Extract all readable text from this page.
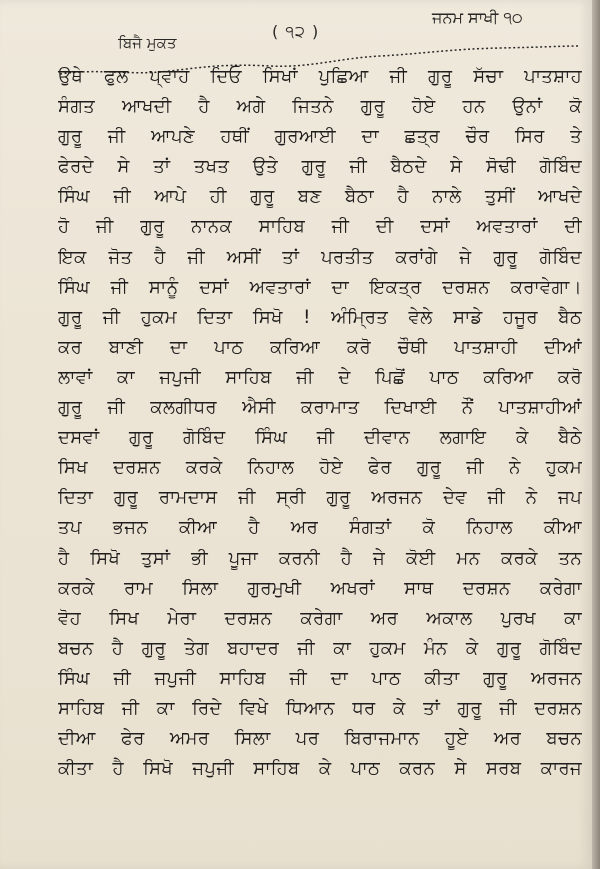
ਬਿਜੈ ਮੁਕਤ
( ੧੨ )
ਜਨਮ ਸਾਖੀ ੧੦
ਉਥੇ ਫੁਲ ਪ੍ਵਾਹ ਦਿਓ ਸਿਖਾਂ ਪੁਛਿਆ ਜੀ ਗੁਰੂ ਸੱਚਾ ਪਾਤਸ਼ਾਹ
ਸੰਗਤ ਆਖਦੀ ਹੈ ਅਗੇ ਜਿਤਨੇ ਗੁਰੂ ਹੋਏ ਹਨ ਉਨਾਂ ਕੋ
ਗੁਰੂ ਜੀ ਆਪਣੇ ਹਥੀਂ ਗੁਰਆਈ ਦਾ ਛਤ੍ਰ ਚੌਰ ਸਿਰ ਤੇ
ਫੇਰਦੇ ਸੇ ਤਾਂ ਤਖਤ ਉਤੇ ਗੁਰੂ ਜੀ ਬੈਠਦੇ ਸੇ ਸੋਢੀ ਗੋਬਿੰਦ
ਸਿੰਘ ਜੀ ਆਪੇ ਹੀ ਗੁਰੂ ਬਣ ਬੈਠਾ ਹੈ ਨਾਲੇ ਤੁਸੀਂ ਆਖਦੇ
ਹੋ ਜੀ ਗੁਰੂ ਨਾਨਕ ਸਾਹਿਬ ਜੀ ਦੀ ਦਸਾਂ ਅਵਤਾਰਾਂ ਦੀ
ਇਕ ਜੋਤ ਹੈ ਜੀ ਅਸੀਂ ਤਾਂ ਪਰਤੀਤ ਕਰਾਂਗੇ ਜੇ ਗੁਰੂ ਗੋਬਿੰਦ
ਸਿੰਘ ਜੀ ਸਾਨੂੰ ਦਸਾਂ ਅਵਤਾਰਾਂ ਦਾ ਇਕਤ੍ਰ ਦਰਸ਼ਨ ਕਰਾਵੇਗਾ।
ਗੁਰੂ ਜੀ ਹੁਕਮ ਦਿਤਾ ਸਿਖੋ ! ਅੰਮ੍ਰਿਤ ਵੇਲੇ ਸਾਡੇ ਹਜੂਰ ਬੈਠ
ਕਰ ਬਾਣੀ ਦਾ ਪਾਠ ਕਰਿਆ ਕਰੋ ਚੌਥੀ ਪਾਤਸ਼ਾਹੀ ਦੀਆਂ
ਲਾਵਾਂ ਕਾ ਜਪੁਜੀ ਸਾਹਿਬ ਜੀ ਦੇ ਪਿਛੋਂ ਪਾਠ ਕਰਿਆ ਕਰੋ
ਗੁਰੂ ਜੀ ਕਲਗੀਧਰ ਐਸੀ ਕਰਾਮਾਤ ਦਿਖਾਈ ਨੌਂ ਪਾਤਸ਼ਾਹੀਆਂ
ਦਸਵਾਂ ਗੁਰੂ ਗੋਬਿੰਦ ਸਿੰਘ ਜੀ ਦੀਵਾਨ ਲਗਾਇ ਕੇ ਬੈਠੇ
ਸਿਖ ਦਰਸ਼ਨ ਕਰਕੇ ਨਿਹਾਲ ਹੋਏ ਫੇਰ ਗੁਰੂ ਜੀ ਨੇ ਹੁਕਮ
ਦਿਤਾ ਗੁਰੂ ਰਾਮਦਾਸ ਜੀ ਸ੍ਰੀ ਗੁਰੂ ਅਰਜਨ ਦੇਵ ਜੀ ਨੇ ਜਪ
ਤਪ ਭਜਨ ਕੀਆ ਹੈ ਅਰ ਸੰਗਤਾਂ ਕੋ ਨਿਹਾਲ ਕੀਆ
ਹੈ ਸਿਖੋ ਤੁਸਾਂ ਭੀ ਪੂਜਾ ਕਰਨੀ ਹੈ ਜੇ ਕੋਈ ਮਨ ਕਰਕੇ ਤਨ
ਕਰਕੇ ਰਾਮ ਸਿਲਾ ਗੁਰਮੁਖੀ ਅਖਰਾਂ ਸਾਥ ਦਰਸ਼ਨ ਕਰੇਗਾ
ਵੋਹ ਸਿਖ ਮੇਰਾ ਦਰਸ਼ਨ ਕਰੇਗਾ ਅਰ ਅਕਾਲ ਪੁਰਖ ਕਾ
ਬਚਨ ਹੈ ਗੁਰੂ ਤੇਗ ਬਹਾਦਰ ਜੀ ਕਾ ਹੁਕਮ ਮੰਨ ਕੇ ਗੁਰੂ ਗੋਬਿੰਦ
ਸਿੰਘ ਜੀ ਜਪੁਜੀ ਸਾਹਿਬ ਜੀ ਦਾ ਪਾਠ ਕੀਤਾ ਗੁਰੂ ਅਰਜਨ
ਸਾਹਿਬ ਜੀ ਕਾ ਰਿਦੇ ਵਿਖੇ ਧਿਆਨ ਧਰ ਕੇ ਤਾਂ ਗੁਰੂ ਜੀ ਦਰਸ਼ਨ
ਦੀਆ ਫੇਰ ਅਮਰ ਸਿਲਾ ਪਰ ਬਿਰਾਜਮਾਨ ਹੂਏ ਅਰ ਬਚਨ
ਕੀਤਾ ਹੈ ਸਿਖੋ ਜਪੁਜੀ ਸਾਹਿਬ ਕੇ ਪਾਠ ਕਰਨ ਸੇ ਸਰਬ ਕਾਰਜ
